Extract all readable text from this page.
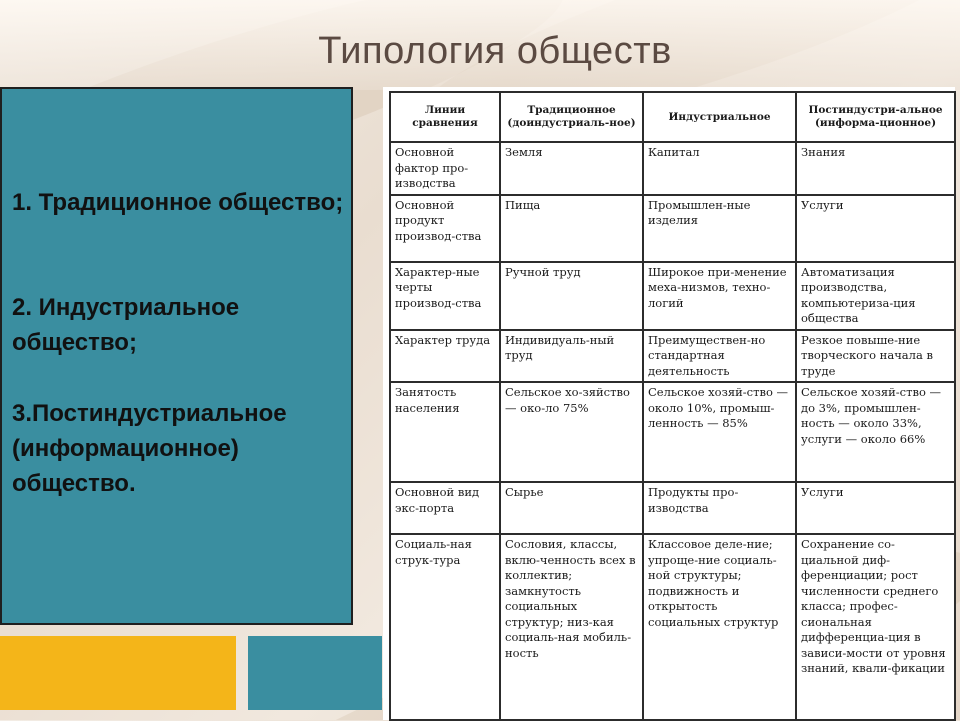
Типология обществ
1. Традиционное общество;
2. Индустриальное общество;
3.Постиндустриальное (информационное) общество.
Линии сравнения	Традиционное (доиндустриаль-ное)	Индустриальное	Постиндустри-альное (информа-ционное)
Основной фактор про-изводства	Земля	Капитал	Знания
Основной продукт производ-ства	Пища	Промышлен-ные изделия	Услуги
Характер-ные черты производ-ства	Ручной труд	Широкое при-менение меха-низмов, техно-логий	Автоматизация производства, компьютериза-ция общества
Характер труда	Индивидуаль-ный труд	Преимуществен-но стандартная деятельность	Резкое повыше-ние творческого начала в труде
Занятость населения	Сельское хо-зяйство — око-ло 75%	Сельское хозяй-ство — около 10%, промыш-ленность — 85%	Сельское хозяй-ство — до 3%, промышлен-ность — около 33%, услуги — около 66%
Основной вид экс-порта	Сырье	Продукты про-изводства	Услуги
Социаль-ная струк-тура	Сословия, классы, вклю-ченность всех в коллектив; замкнутость социальных структур; низ-кая социаль-ная мобиль-ность	Классовое деле-ние; упроще-ние социаль-ной структуры; подвижность и открытость социальных структур	Сохранение со-циальной диф-ференциации; рост численности среднего класса; профес-сиональная дифференциа-ция в зависи-мости от уровня знаний, квали-фикации
